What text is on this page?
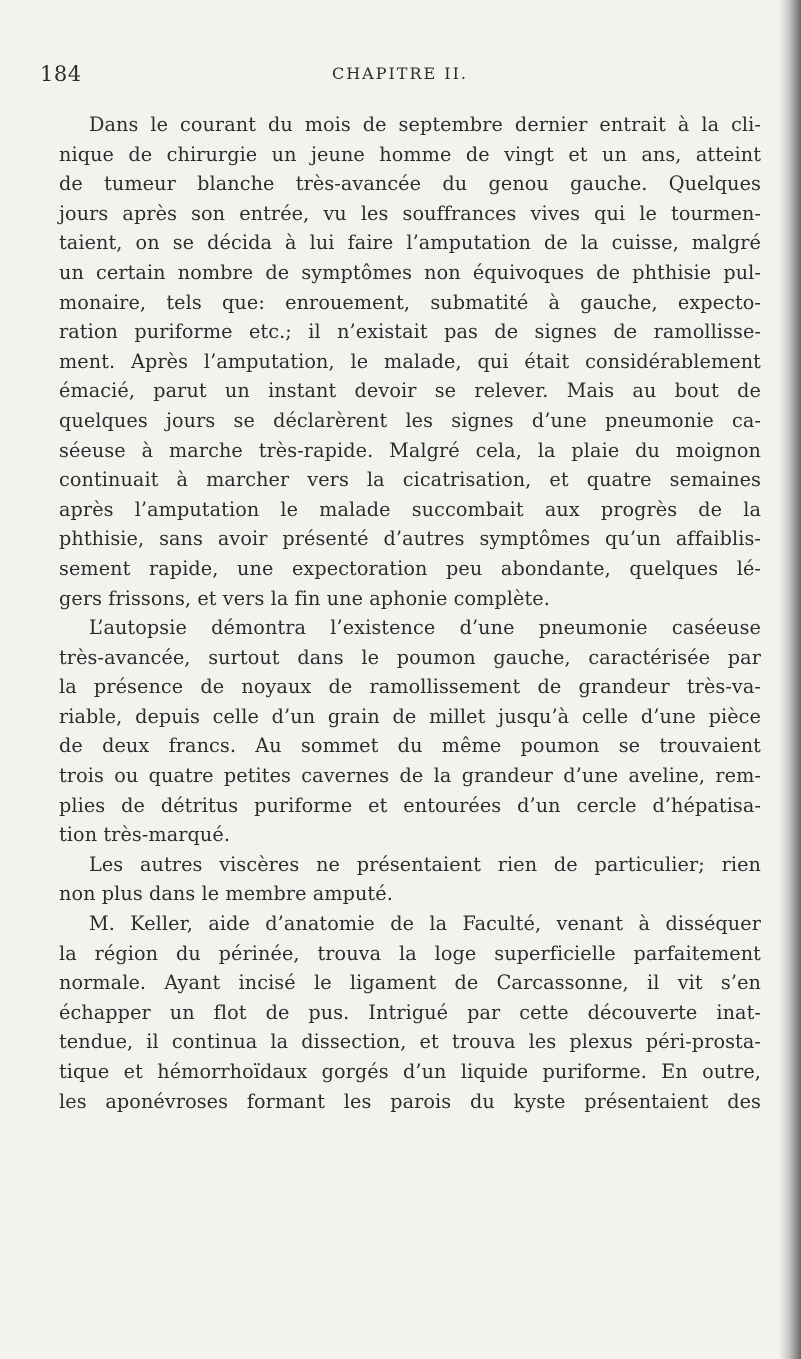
184	CHAPITRE II.
Dans le courant du mois de septembre dernier entrait à la cli-
nique de chirurgie un jeune homme de vingt et un ans, atteint
de tumeur blanche très-avancée du genou gauche. Quelques
jours après son entrée, vu les souffrances vives qui le tourmen-
taient, on se décida à lui faire l’amputation de la cuisse, malgré
un certain nombre de symptômes non équivoques de phthisie pul-
monaire, tels que: enrouement, submatité à gauche, expecto-
ration puriforme etc.; il n’existait pas de signes de ramollisse-
ment. Après l’amputation, le malade, qui était considérablement
émacié, parut un instant devoir se relever. Mais au bout de
quelques jours se déclarèrent les signes d’une pneumonie ca-
séeuse à marche très-rapide. Malgré cela, la plaie du moignon
continuait à marcher vers la cicatrisation, et quatre semaines
après l’amputation le malade succombait aux progrès de la
phthisie, sans avoir présenté d’autres symptômes qu’un affaiblis-
sement rapide, une expectoration peu abondante, quelques lé-
gers frissons, et vers la fin une aphonie complète.
L’autopsie démontra l’existence d’une pneumonie caséeuse
très-avancée, surtout dans le poumon gauche, caractérisée par
la présence de noyaux de ramollissement de grandeur très-va-
riable, depuis celle d’un grain de millet jusqu’à celle d’une pièce
de deux francs. Au sommet du même poumon se trouvaient
trois ou quatre petites cavernes de la grandeur d’une aveline, rem-
plies de détritus puriforme et entourées d’un cercle d’hépatisa-
tion très-marqué.
Les autres viscères ne présentaient rien de particulier; rien
non plus dans le membre amputé.
M. Keller, aide d’anatomie de la Faculté, venant à disséquer
la région du périnée, trouva la loge superficielle parfaitement
normale. Ayant incisé le ligament de Carcassonne, il vit s’en
échapper un flot de pus. Intrigué par cette découverte inat-
tendue, il continua la dissection, et trouva les plexus péri-prosta-
tique et hémorrhoïdaux gorgés d’un liquide puriforme. En outre,
les aponévroses formant les parois du kyste présentaient des
